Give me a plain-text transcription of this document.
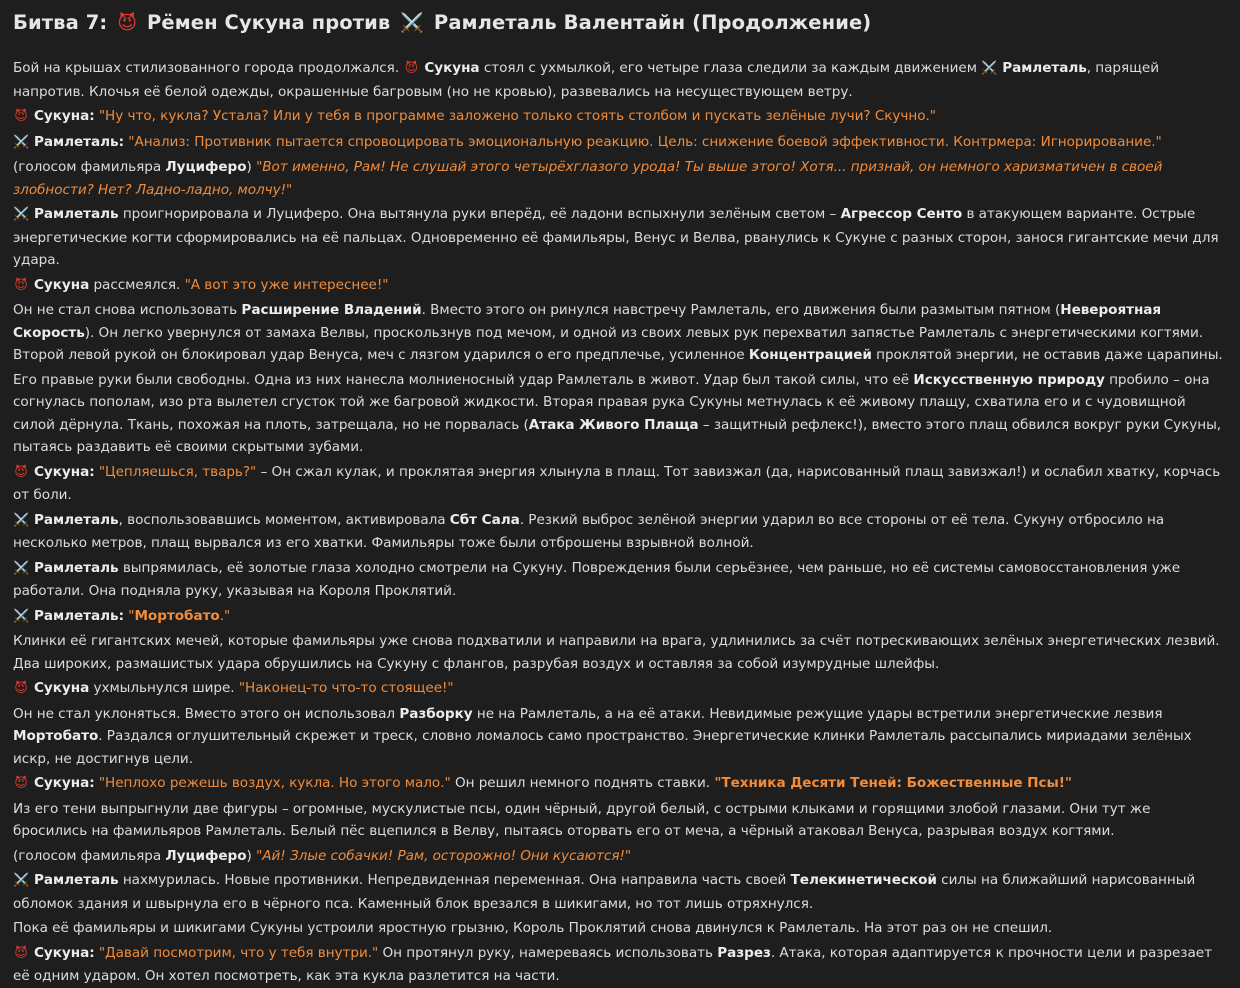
Битва 7: 😈 Рёмен Сукуна против ⚔️ Рамлеталь Валентайн (Продолжение)

Бой на крышах стилизованного города продолжался. 😈 Сукуна стоял с ухмылкой, его четыре глаза следили за каждым движением ⚔️ Рамлеталь, парящей напротив. Клочья её белой одежды, окрашенные багровым (но не кровью), развевались на несуществующем ветру.

😈 Сукуна: "Ну что, кукла? Устала? Или у тебя в программе заложено только стоять столбом и пускать зелёные лучи? Скучно."

⚔️ Рамлеталь: "Анализ: Противник пытается спровоцировать эмоциональную реакцию. Цель: снижение боевой эффективности. Контрмера: Игнорирование."

(голосом фамильяра Луциферо) "Вот именно, Рам! Не слушай этого четырёхглазого урода! Ты выше этого! Хотя... признай, он немного харизматичен в своей злобности? Нет? Ладно-ладно, молчу!"

⚔️ Рамлеталь проигнорировала и Луциферо. Она вытянула руки вперёд, её ладони вспыхнули зелёным светом – Агрессор Сенто в атакующем варианте. Острые энергетические когти сформировались на её пальцах. Одновременно её фамильяры, Венус и Велва, рванулись к Сукуне с разных сторон, занося гигантские мечи для удара.

😈 Сукуна рассмеялся. "А вот это уже интереснее!"

Он не стал снова использовать Расширение Владений. Вместо этого он ринулся навстречу Рамлеталь, его движения были размытым пятном (Невероятная Скорость). Он легко увернулся от замаха Велвы, проскользнув под мечом, и одной из своих левых рук перехватил запястье Рамлеталь с энергетическими когтями. Второй левой рукой он блокировал удар Венуса, меч с лязгом ударился о его предплечье, усиленное Концентрацией проклятой энергии, не оставив даже царапины.

Его правые руки были свободны. Одна из них нанесла молниеносный удар Рамлеталь в живот. Удар был такой силы, что её Искусственную природу пробило – она согнулась пополам, изо рта вылетел сгусток той же багровой жидкости. Вторая правая рука Сукуны метнулась к её живому плащу, схватила его и с чудовищной силой дёрнула. Ткань, похожая на плоть, затрещала, но не порвалась (Атака Живого Плаща – защитный рефлекс!), вместо этого плащ обвился вокруг руки Сукуны, пытаясь раздавить её своими скрытыми зубами.

😈 Сукуна: "Цепляешься, тварь?" – Он сжал кулак, и проклятая энергия хлынула в плащ. Тот завизжал (да, нарисованный плащ завизжал!) и ослабил хватку, корчась от боли.

⚔️ Рамлеталь, воспользовавшись моментом, активировала Сбт Сала. Резкий выброс зелёной энергии ударил во все стороны от её тела. Сукуну отбросило на несколько метров, плащ вырвался из его хватки. Фамильяры тоже были отброшены взрывной волной.

⚔️ Рамлеталь выпрямилась, её золотые глаза холодно смотрели на Сукуну. Повреждения были серьёзнее, чем раньше, но её системы самовосстановления уже работали. Она подняла руку, указывая на Короля Проклятий.

⚔️ Рамлеталь: "Мортобато."

Клинки её гигантских мечей, которые фамильяры уже снова подхватили и направили на врага, удлинились за счёт потрескивающих зелёных энергетических лезвий. Два широких, размашистых удара обрушились на Сукуну с флангов, разрубая воздух и оставляя за собой изумрудные шлейфы.

😈 Сукуна ухмыльнулся шире. "Наконец-то что-то стоящее!"

Он не стал уклоняться. Вместо этого он использовал Разборку не на Рамлеталь, а на её атаки. Невидимые режущие удары встретили энергетические лезвия Мортобато. Раздался оглушительный скрежет и треск, словно ломалось само пространство. Энергетические клинки Рамлеталь рассыпались мириадами зелёных искр, не достигнув цели.

😈 Сукуна: "Неплохо режешь воздух, кукла. Но этого мало." Он решил немного поднять ставки. "Техника Десяти Теней: Божественные Псы!"

Из его тени выпрыгнули две фигуры – огромные, мускулистые псы, один чёрный, другой белый, с острыми клыками и горящими злобой глазами. Они тут же бросились на фамильяров Рамлеталь. Белый пёс вцепился в Велву, пытаясь оторвать его от меча, а чёрный атаковал Венуса, разрывая воздух когтями.

(голосом фамильяра Луциферо) "Ай! Злые собачки! Рам, осторожно! Они кусаются!"

⚔️ Рамлеталь нахмурилась. Новые противники. Непредвиденная переменная. Она направила часть своей Телекинетической силы на ближайший нарисованный обломок здания и швырнула его в чёрного пса. Каменный блок врезался в шикигами, но тот лишь отряхнулся.

Пока её фамильяры и шикигами Сукуны устроили яростную грызню, Король Проклятий снова двинулся к Рамлеталь. На этот раз он не спешил.

😈 Сукуна: "Давай посмотрим, что у тебя внутри." Он протянул руку, намереваясь использовать Разрез. Атака, которая адаптируется к прочности цели и разрезает её одним ударом. Он хотел посмотреть, как эта кукла разлетится на части.
